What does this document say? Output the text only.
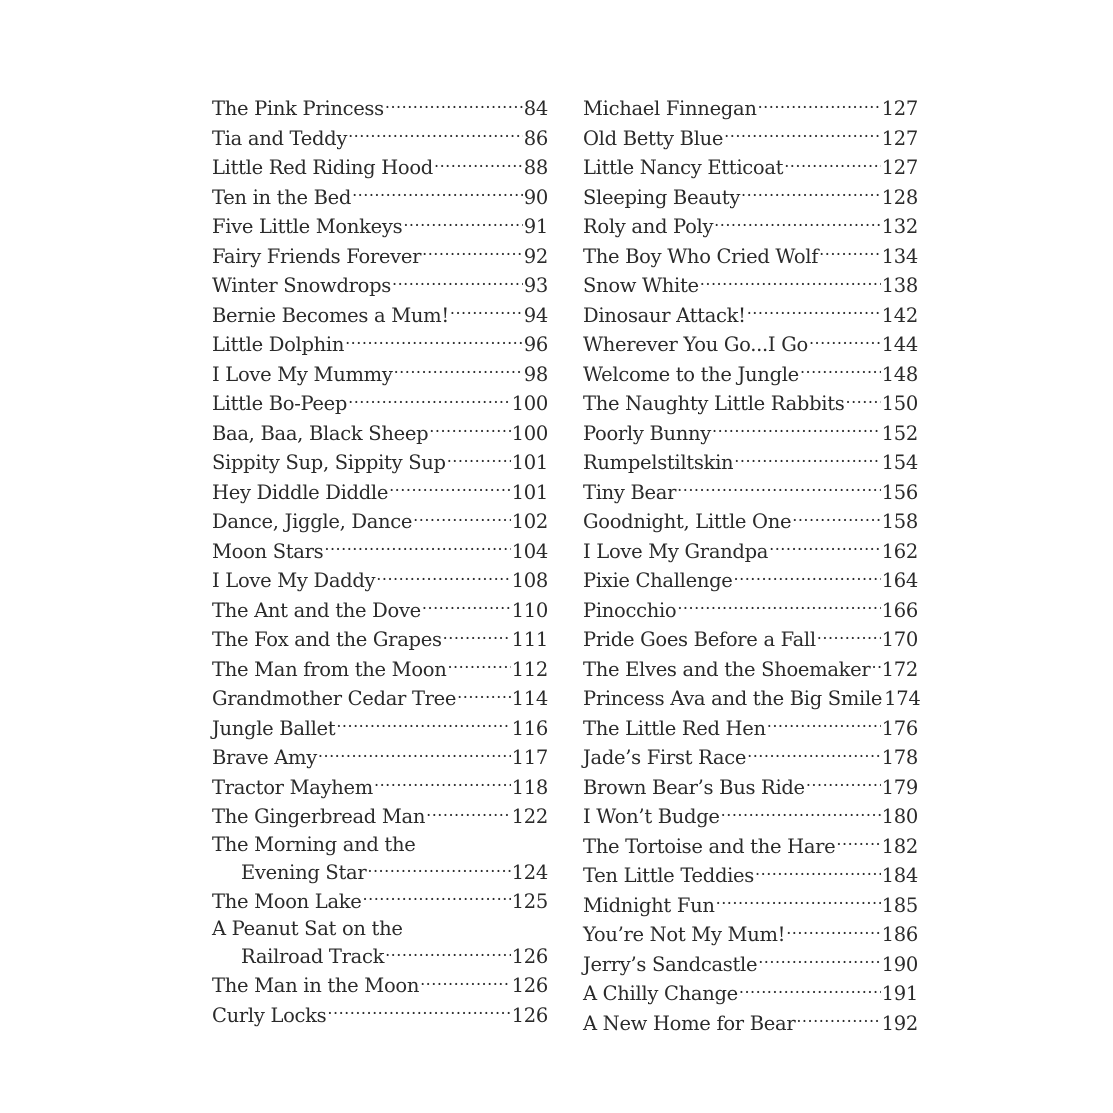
The Pink Princess .....	84
Tia and Teddy .....	86
Little Red Riding Hood .....	88
Ten in the Bed .....	90
Five Little Monkeys .....	91
Fairy Friends Forever .....	92
Winter Snowdrops .....	93
Bernie Becomes a Mum! .....	94
Little Dolphin .....	96
I Love My Mummy .....	98
Little Bo-Peep .....	100
Baa, Baa, Black Sheep .....	100
Sippity Sup, Sippity Sup .....	101
Hey Diddle Diddle .....	101
Dance, Jiggle, Dance .....	102
Moon Stars .....	104
I Love My Daddy .....	108
The Ant and the Dove .....	110
The Fox and the Grapes .....	111
The Man from the Moon .....	112
Grandmother Cedar Tree .....	114
Jungle Ballet .....	116
Brave Amy .....	117
Tractor Mayhem .....	118
The Gingerbread Man .....	122
The Morning and the
Evening Star .....	124
The Moon Lake .....	125
A Peanut Sat on the
Railroad Track .....	126
The Man in the Moon .....	126
Curly Locks .....	126
Michael Finnegan .....	127
Old Betty Blue .....	127
Little Nancy Etticoat .....	127
Sleeping Beauty .....	128
Roly and Poly .....	132
The Boy Who Cried Wolf .....	134
Snow White .....	138
Dinosaur Attack! .....	142
Wherever You Go...I Go .....	144
Welcome to the Jungle .....	148
The Naughty Little Rabbits ..... 150
Poorly Bunny .....	152
Rumpelstiltskin .....	154
Tiny Bear .....	156
Goodnight, Little One .....	158
I Love My Grandpa .....	162
Pixie Challenge .....	164
Pinocchio .....	166
Pride Goes Before a Fall .....	170
The Elves and the Shoemaker ..... 172
Princess Ava and the Big Smile 174
The Little Red Hen .....	176
Jade’s First Race .....	178
Brown Bear’s Bus Ride .....	179
I Won’t Budge .....	180
The Tortoise and the Hare ..... 182
Ten Little Teddies .....	184
Midnight Fun .....	185
You’re Not My Mum! .....	186
Jerry’s Sandcastle .....	190
A Chilly Change .....	191
A New Home for Bear .....	192
